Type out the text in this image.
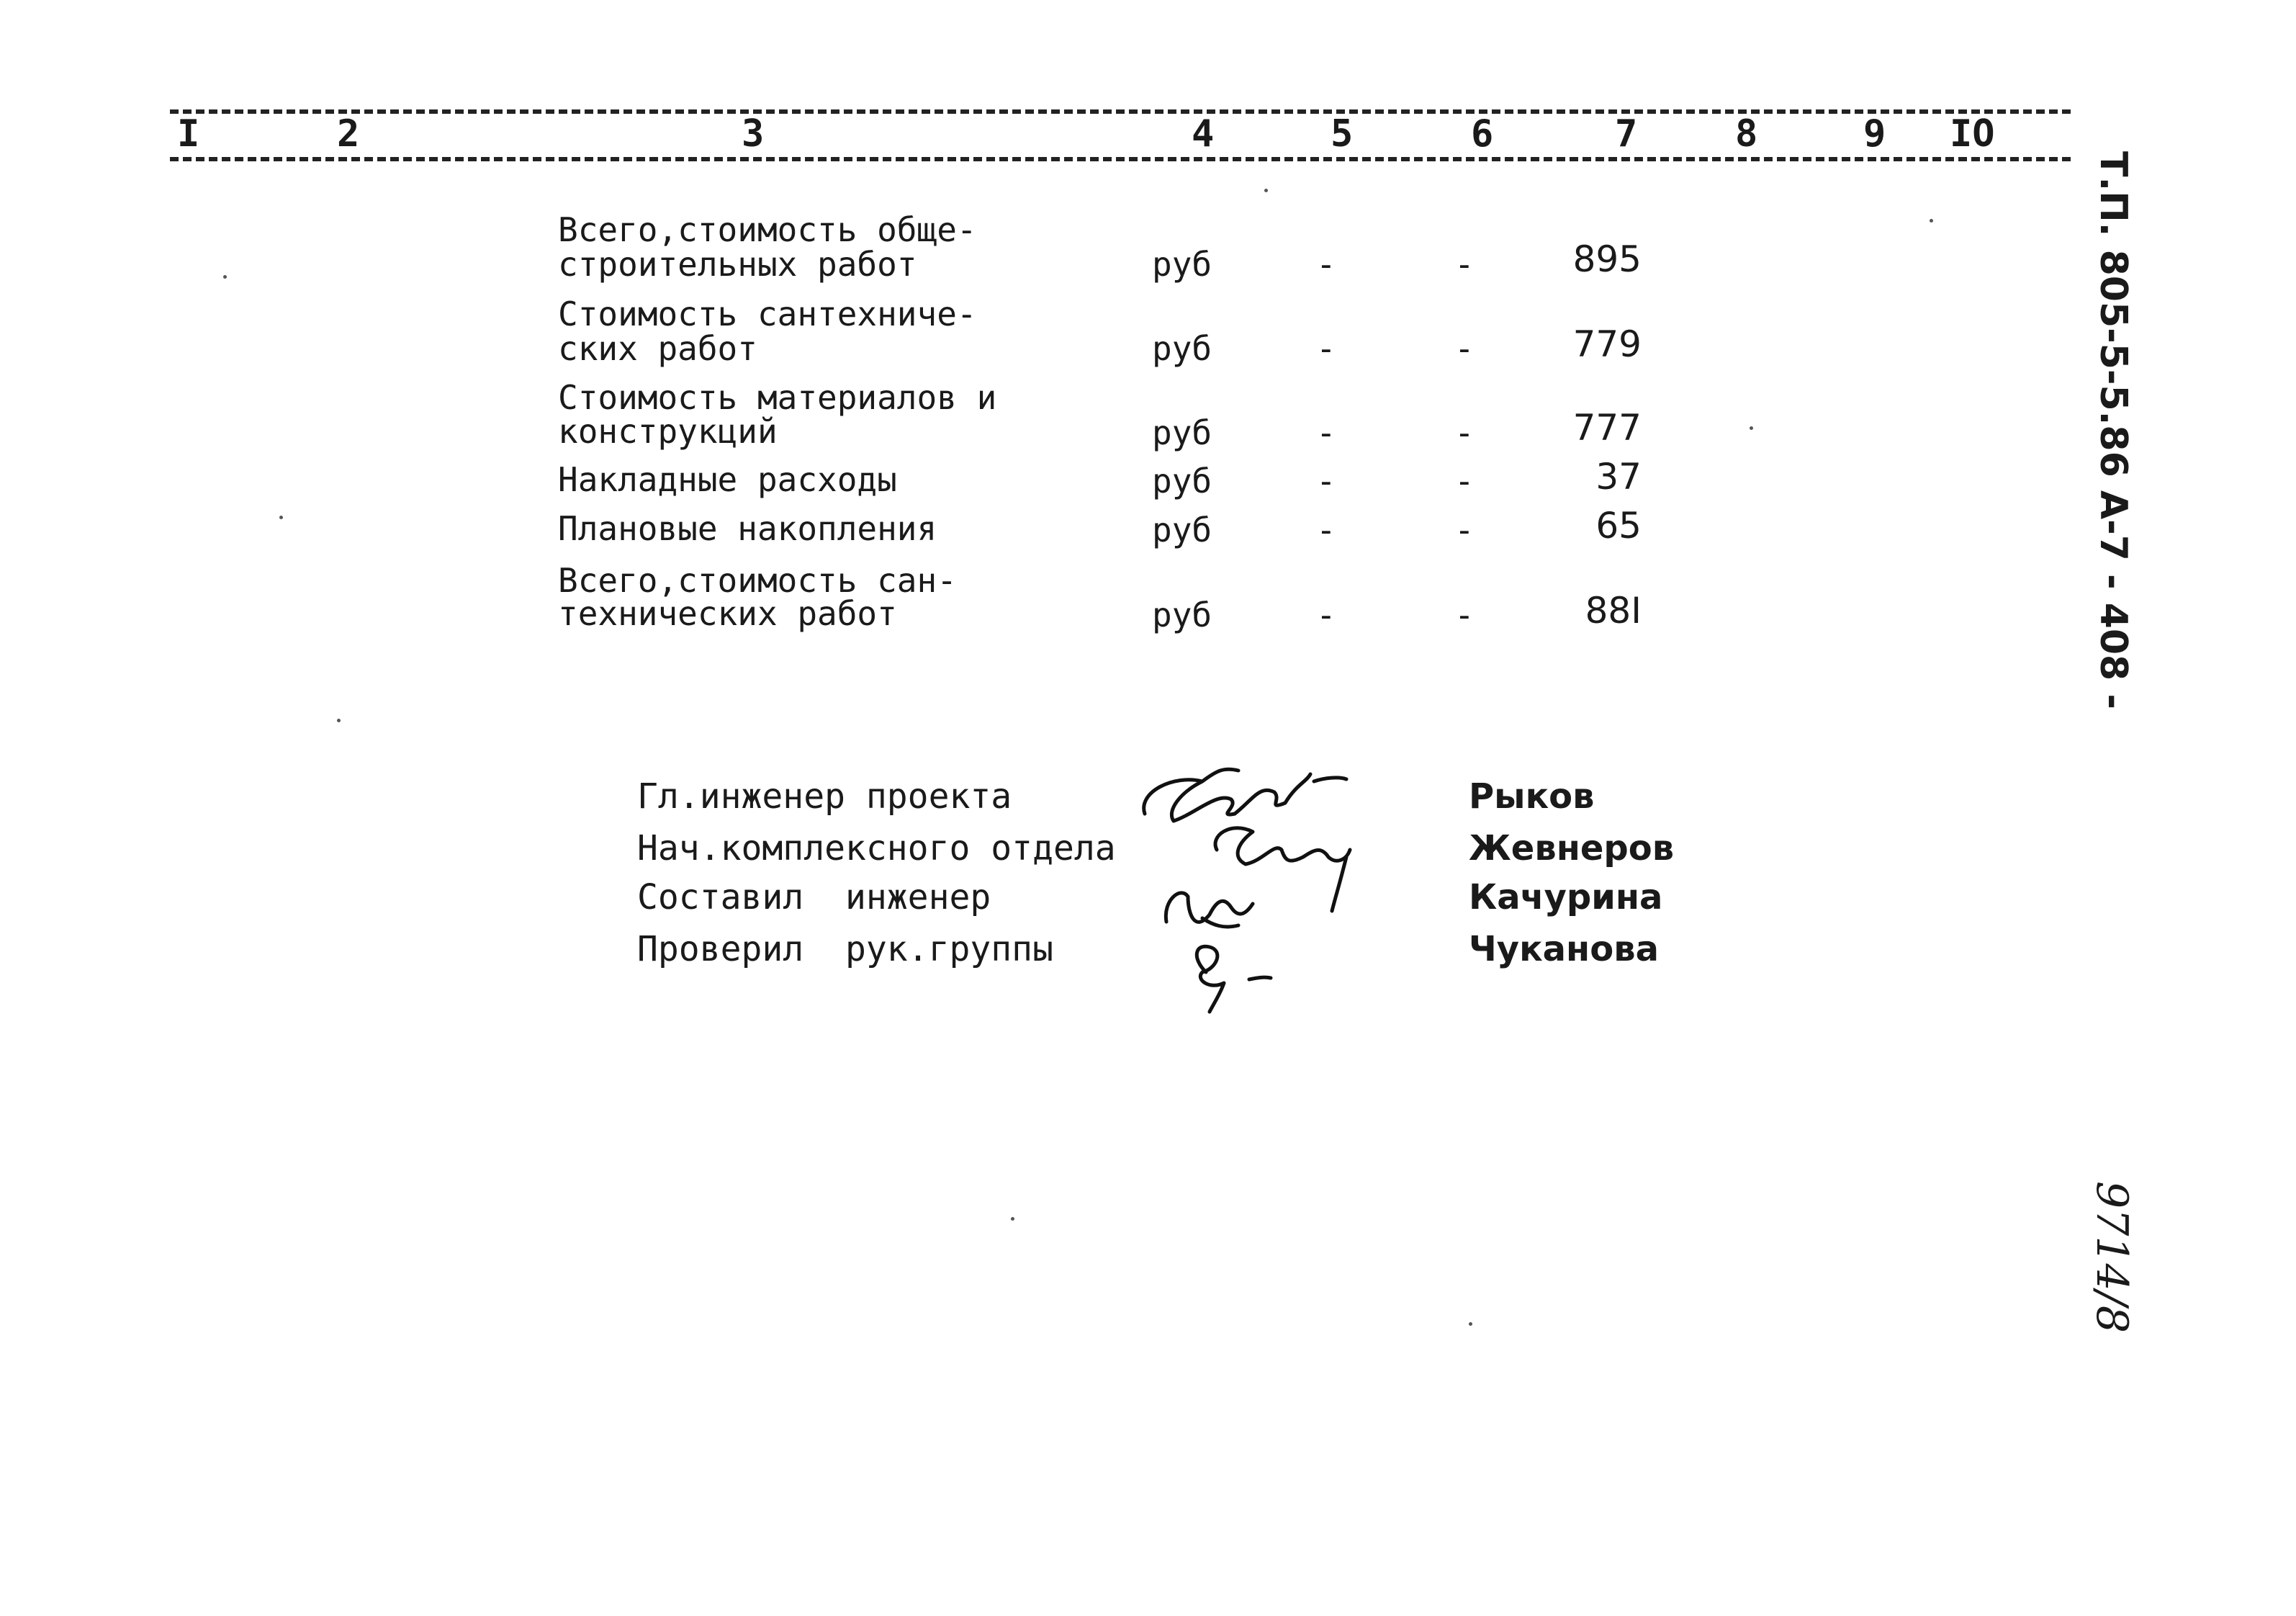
I	2	3	4	5	6	7	8	9 IO
Всего,стоимость обще-
строительных работ	руб	-	-	895
Стоимость сантехниче-
ских работ	руб	-	-	779
Стоимость материалов и
конструкций	руб	-	-	777
Накладные расходы	руб	-	-	37
Плановые накопления	руб	-	-	65
Всего,стоимость сан-
технических работ	руб	-	-	88I
Гл.инженер проекта	Рыков
Нач.комплексного отдела	Жевнеров
Составил  инженер	Качурина
Проверил  рук.группы	Чуканова
Т.П. 805-5-5.86 А-7 - 408 -
9714/8
